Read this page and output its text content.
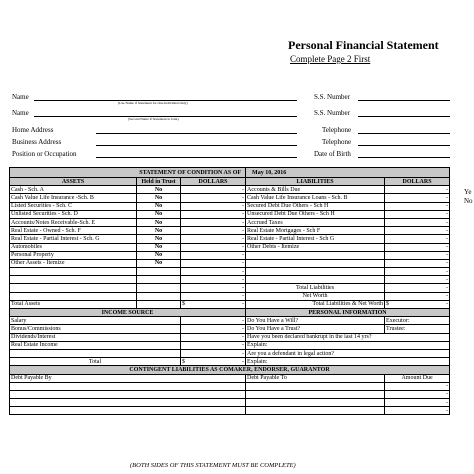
Personal Financial Statement
Complete Page 2 First
Name
(Use Name if Statement for One Individual Only)
S.S. Number
Name
(Second Name if Statement is Joint)
S.S. Number
Home Address	Telephone
Business Address	Telephone
Position or Occupation	Date of Birth
STATEMENT OF CONDITION AS OF			May 10, 2016	
ASSETS	Held in Trust	DOLLARS	LIABILITIES	DOLLARS
Cash - Sch. A	No	-	Accounts & Bills Due	-
Cash Value Life Insurance -Sch. B	No	-	Cash Value Life Insurance Loans - Sch. B	-
Listed Securities - Sch. C	No	-	Secured Debt Due Others - Sch H	-
Unlisted Securities - Sch. D	No	-	Unsecured Debt Due Others - Sch H	-
Accounts/Notes Receivable-Sch. E	No	-	Accrued Taxes	-
Real Estate - Owned - Sch. F	No	-	Real Estate Mortgages - Sch F	-
Real Estate - Partial Interest - Sch. G	No	-	Real Estate - Partial Interest - Sch G	-
Automobiles	No	-	Other Debts - Itemize	-
Personal Property	No	-		-
Other Assets - Itemize	No	-		-
		-		-
		-		-
		-	Total Liabilities	-
		-	Net Worth	-
Total Assets		$ -	Total Liabilities & Net Worth	$ -

INCOME SOURCE			PERSONAL INFORMATION	
Salary		-	Do You Have a Will?	Executor:
Bonus/Commissions		-	Do You Have a Trust?	Trustee:
Dividends/Interest		-	Have you been declared bankrupt in the last 14 yrs?	
Real Estate Income		-	Explain:	
		-	Are you a defendant in legal action?	
Total		$ -	Explain:	
CONTINGENT LIABILITIES AS COMAKER, ENDORSER, GUARANTOR				
Debt Payable By			Debt Payable To	Amount Due
				-
				-
				-
				-
Ye
No
(BOTH SIDES OF THIS STATEMENT MUST BE COMPLETE)
